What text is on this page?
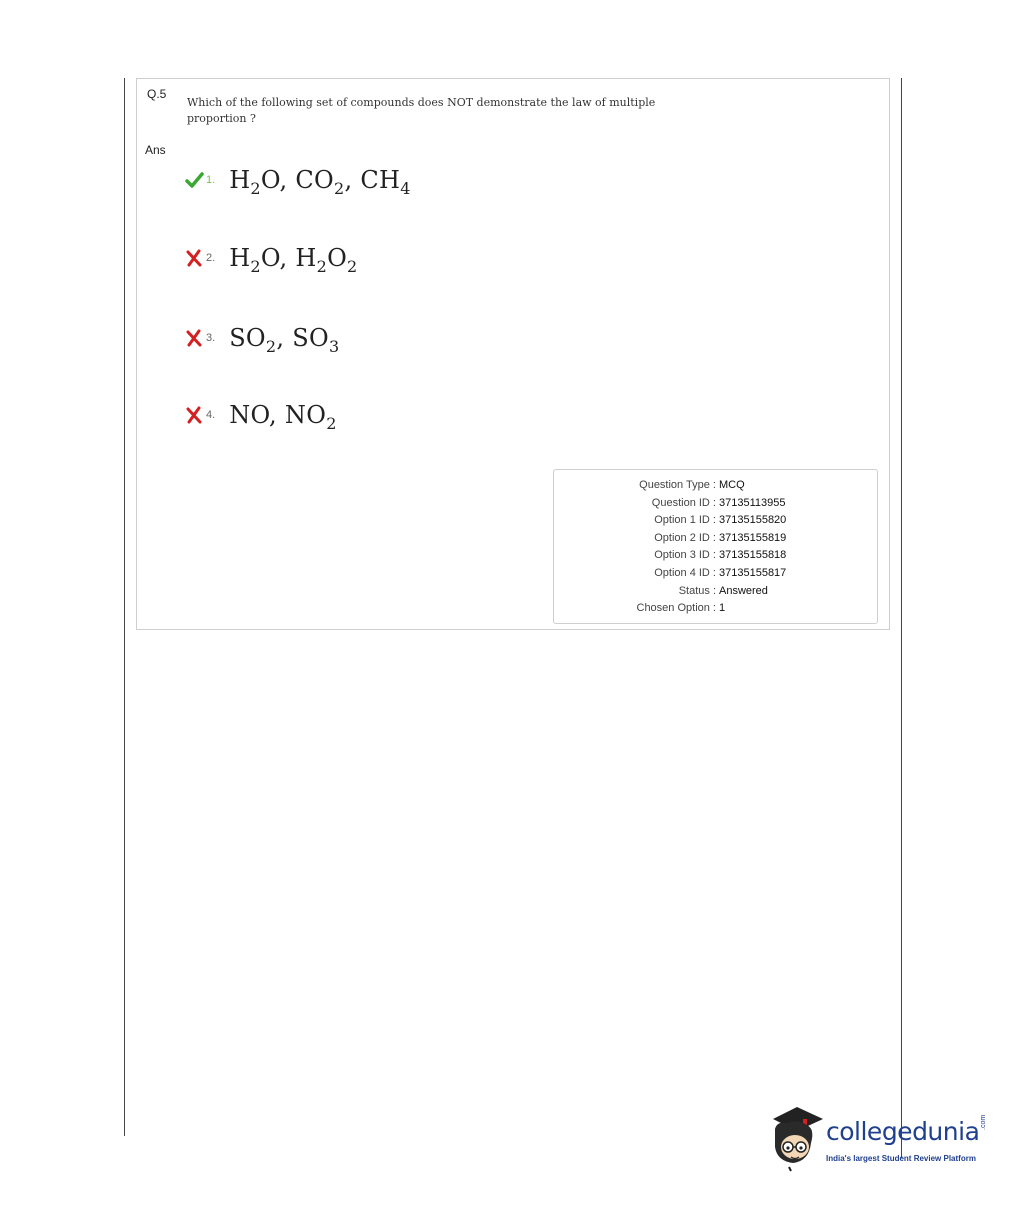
Q.5
Which of the following set of compounds does NOT demonstrate the law of multiple proportion ?
Ans
1. $H_2O$, $CO_2$, $CH_4$
2. $H_2O$, $H_2O_2$
3. $SO_2$, $SO_3$
4. NO, $NO_2$
Question Type : MCQ
Question ID : 37135113955
Option 1 ID : 37135155820
Option 2 ID : 37135155819
Option 3 ID : 37135155818
Option 4 ID : 37135155817
Status : Answered
Chosen Option : 1
collegedunia .com
India's largest Student Review Platform
